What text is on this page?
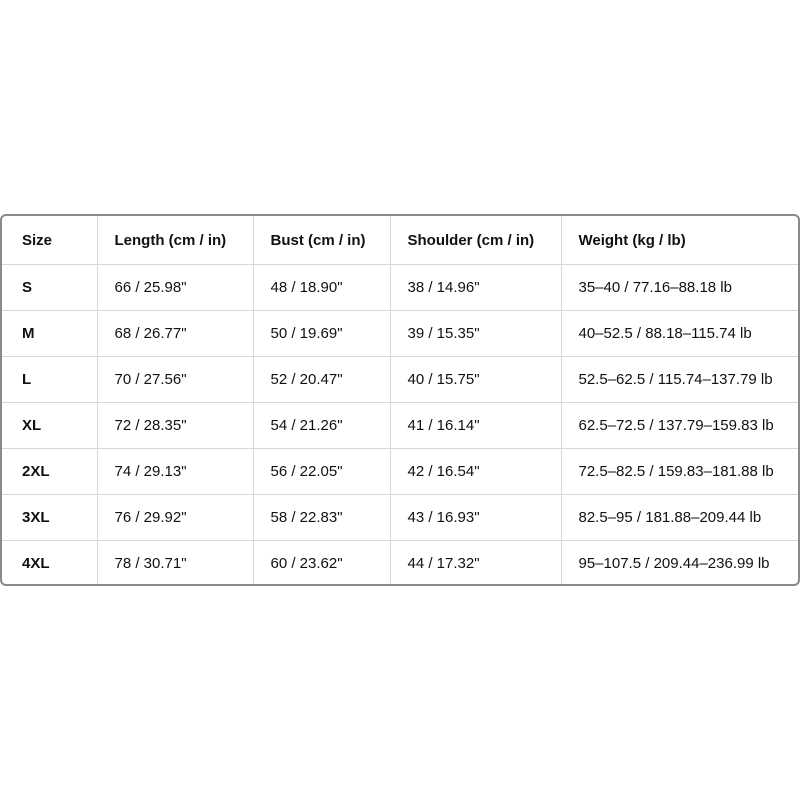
Size	Length (cm / in)	Bust (cm / in)	Shoulder (cm / in)	Weight (kg / lb)
S	66 / 25.98"	48 / 18.90"	38 / 14.96"	35–40 / 77.16–88.18 lb
M	68 / 26.77"	50 / 19.69"	39 / 15.35"	40–52.5 / 88.18–115.74 lb
L	70 / 27.56"	52 / 20.47"	40 / 15.75"	52.5–62.5 / 115.74–137.79 lb
XL	72 / 28.35"	54 / 21.26"	41 / 16.14"	62.5–72.5 / 137.79–159.83 lb
2XL	74 / 29.13"	56 / 22.05"	42 / 16.54"	72.5–82.5 / 159.83–181.88 lb
3XL	76 / 29.92"	58 / 22.83"	43 / 16.93"	82.5–95 / 181.88–209.44 lb
4XL	78 / 30.71"	60 / 23.62"	44 / 17.32"	95–107.5 / 209.44–236.99 lb
